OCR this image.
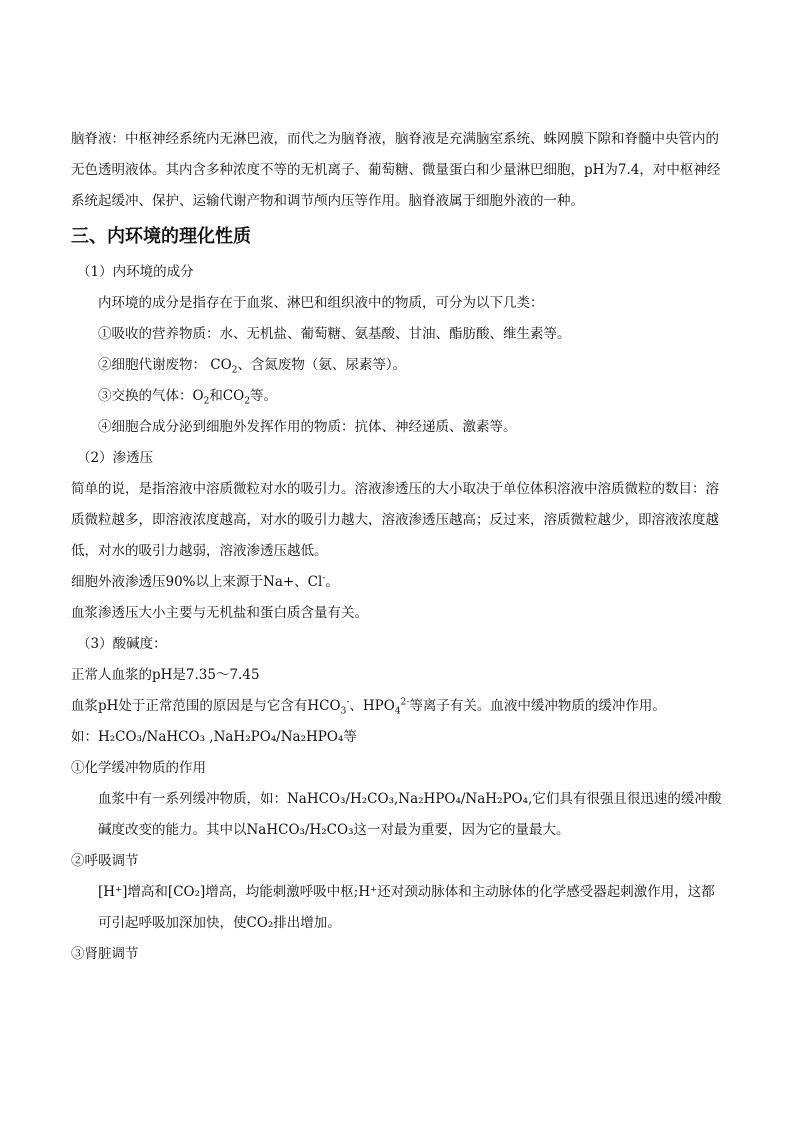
脑脊液：中枢神经系统内无淋巴液，而代之为脑脊液，脑脊液是充满脑室系统、蛛网膜下隙和脊髓中央管内的无色透明液体。其内含多种浓度不等的无机离子、葡萄糖、微量蛋白和少量淋巴细胞，pH为7.4，对中枢神经系统起缓冲、保护、运输代谢产物和调节颅内压等作用。脑脊液属于细胞外液的一种。

三、内环境的理化性质

（1）内环境的成分

内环境的成分是指存在于血浆、淋巴和组织液中的物质，可分为以下几类：

①吸收的营养物质：水、无机盐、葡萄糖、氨基酸、甘油、酯肪酸、维生素等。

②细胞代谢废物： $CO_2$、含氮废物（氨、尿素等）。

③交换的气体：$O_2$和$CO_2$等。

④细胞合成分泌到细胞外发挥作用的物质：抗体、神经递质、激素等。

（2）渗透压

简单的说，是指溶液中溶质微粒对水的吸引力。溶液渗透压的大小取决于单位体积溶液中溶质微粒的数目：溶质微粒越多，即溶液浓度越高，对水的吸引力越大，溶液渗透压越高；反过来，溶质微粒越少，即溶液浓度越低，对水的吸引力越弱，溶液渗透压越低。

细胞外液渗透压90%以上来源于Na+、Cl-。

血浆渗透压大小主要与无机盐和蛋白质含量有关。

（3）酸碱度：

正常人血浆的pH是7.35～7.45

血浆pH处于正常范围的原因是与它含有$HCO_3^-$、$HPO_4^{2-}$等离子有关。血液中缓冲物质的缓冲作用。

如：H₂CO₃/NaHCO₃ ,NaH₂PO₄/Na₂HPO₄等

①化学缓冲物质的作用

血浆中有一系列缓冲物质，如：NaHCO₃/H₂CO₃,Na₂HPO₄/NaH₂PO₄,它们具有很强且很迅速的缓冲酸碱度改变的能力。其中以NaHCO₃/H₂CO₃这一对最为重要，因为它的量最大。

②呼吸调节

[H⁺]增高和[CO₂]增高，均能刺激呼吸中枢;H⁺还对颈动脉体和主动脉体的化学感受器起刺激作用，这都可引起呼吸加深加快，使CO₂排出增加。

③肾脏调节
